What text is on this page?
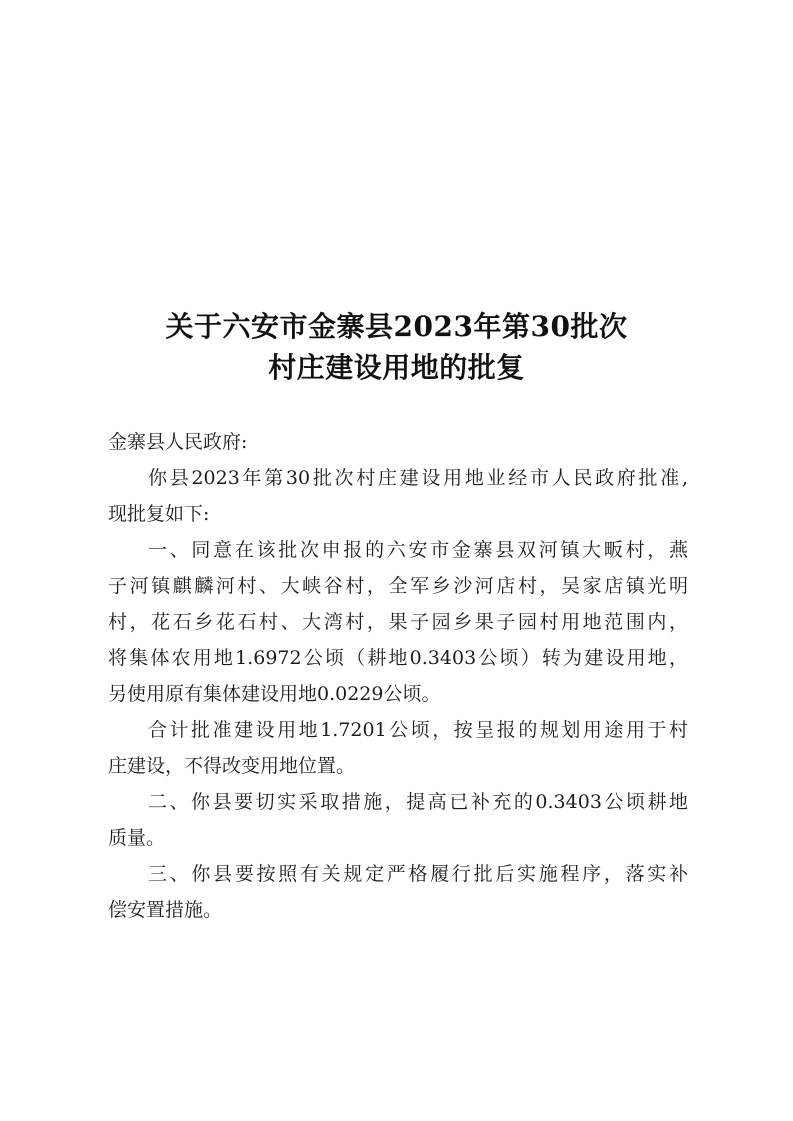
关于六安市金寨县2023年第30批次
村庄建设用地的批复
金寨县人民政府:
你县2023年第30批次村庄建设用地业经市人民政府批准,
现批复如下:
一、同意在该批次申报的六安市金寨县双河镇大畈村，燕
子河镇麒麟河村、大峡谷村，全军乡沙河店村，吴家店镇光明
村，花石乡花石村、大湾村，果子园乡果子园村用地范围内，
将集体农用地1.6972公顷（耕地0.3403公顷）转为建设用地，
另使用原有集体建设用地0.0229公顷。
合计批准建设用地1.7201公顷，按呈报的规划用途用于村
庄建设，不得改变用地位置。
二、你县要切实采取措施，提高已补充的0.3403公顷耕地
质量。
三、你县要按照有关规定严格履行批后实施程序，落实补
偿安置措施。
